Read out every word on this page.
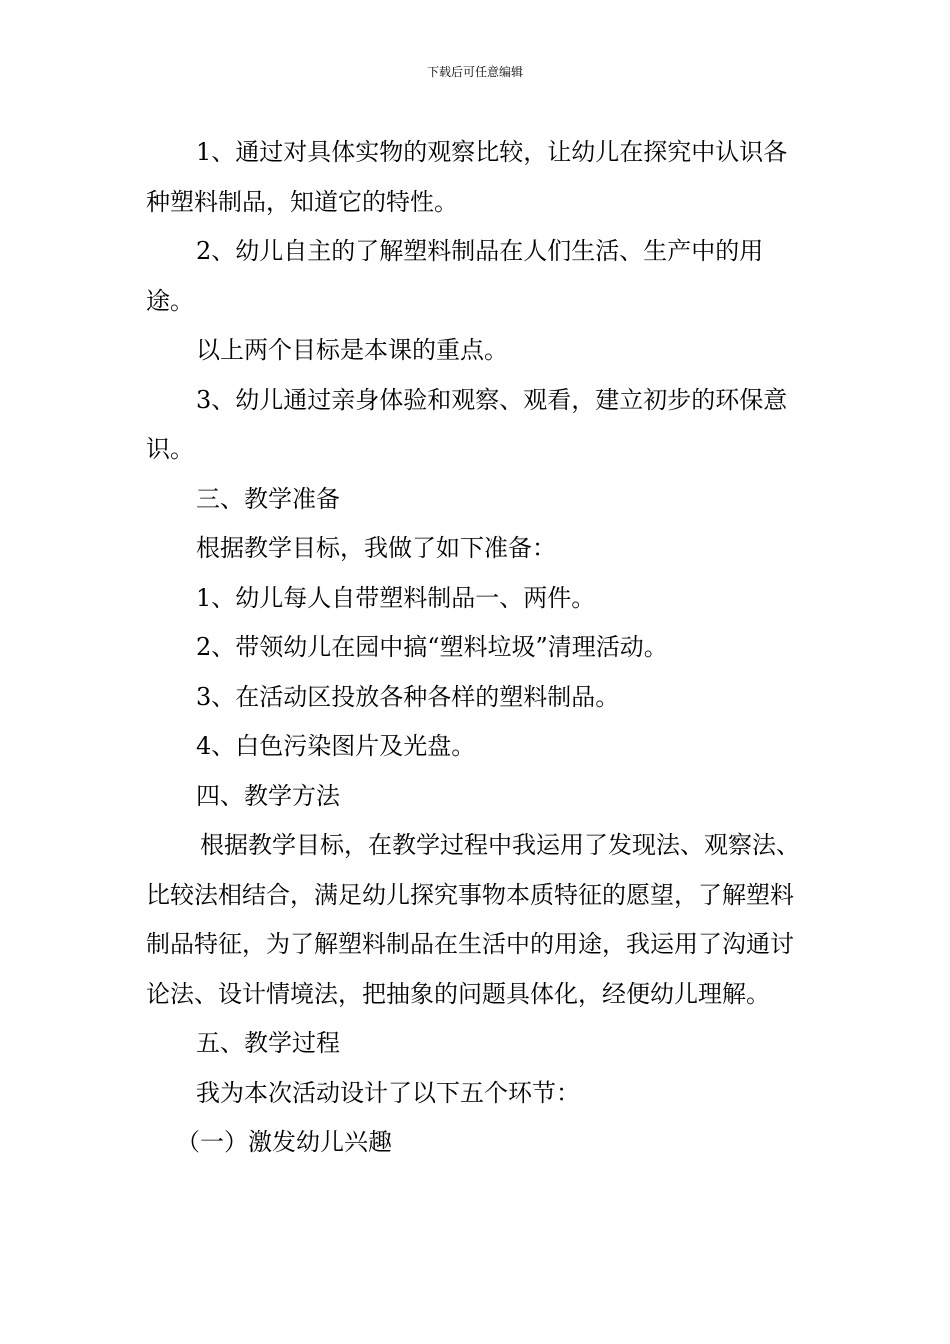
下载后可任意编辑

1、通过对具体实物的观察比较，让幼儿在探究中认识各种塑料制品，知道它的特性。

2、幼儿自主的了解塑料制品在人们生活、生产中的用途。

以上两个目标是本课的重点。

3、幼儿通过亲身体验和观察、观看，建立初步的环保意识。

三、教学准备

根据教学目标，我做了如下准备：

1、幼儿每人自带塑料制品一、两件。

2、带领幼儿在园中搞“塑料垃圾”清理活动。

3、在活动区投放各种各样的塑料制品。

4、白色污染图片及光盘。

四、教学方法

根据教学目标，在教学过程中我运用了发现法、观察法、比较法相结合，满足幼儿探究事物本质特征的愿望，了解塑料制品特征，为了解塑料制品在生活中的用途，我运用了沟通讨论法、设计情境法，把抽象的问题具体化，经便幼儿理解。

五、教学过程

我为本次活动设计了以下五个环节：

（一）激发幼儿兴趣
